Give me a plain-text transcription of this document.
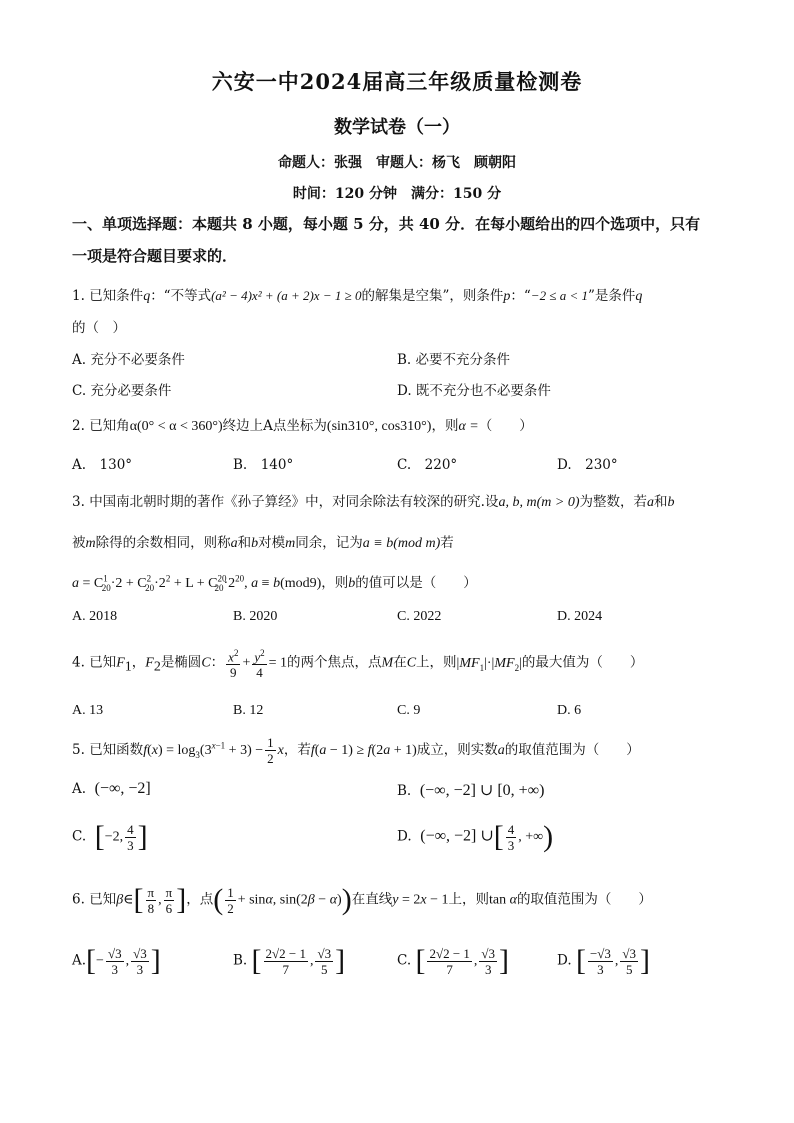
六安一中2024届高三年级质量检测卷
数学试卷（一）
命题人：张强　审题人：杨飞　顾朝阳
时间：120 分钟　满分：150 分
一、单项选择题：本题共 8 小题，每小题 5 分，共 40 分．在每小题给出的四个选项中，只有
一项是符合题目要求的．
1. 已知条件q：“不等式(a² − 4)x² + (a + 2)x − 1 ≥ 0的解集是空集”，则条件p：“−2 ≤ a < 1”是条件q
的（　）
A. 充分不必要条件	B. 必要不充分条件
C. 充分必要条件	D. 既不充分也不必要条件
2. 已知角α(0° < α < 360°)终边上A点坐标为(sin310°, cos310°)，则α =（　　）
A.　130°	B.　140°	C.　220°	D.　230°
3. 中国南北朝时期的著作《孙子算经》中，对同余除法有较深的研究.设a, b, m(m > 0)为整数，若a和b
被m除得的余数相同，则称a和b对模m同余，记为a ≡ b(mod m)若
$a = C^1_{20}\cdot 2 + C^2_{20}\cdot 2^2 + L + C^{20}_{20}\cdot 2^{20}$, a ≡ b(mod9)，则b的值可以是（　　）
A. 2018	B. 2020	C. 2022	D. 2024
4. 已知$F_1$，$F_2$是椭圆C： $\frac{x^2}{9} + \frac{y^2}{4} = 1$的两个焦点，点M在C上，则$|MF_1|\cdot|MF_2|$的最大值为（　　）
A. 13	B. 12	C. 9	D. 6
5. 已知函数$f(x) = \log_3(3^{x-1} + 3) - \frac{1}{2}$ x，若f(a − 1) ≥ f(2a + 1)成立，则实数a的取值范围为（　　）
A. (−∞, −2]	B. (−∞, −2] ∪ [0, +∞)
C. [−2, $\frac{4}{3}$ ]	D. (−∞, −2] ∪[ $\frac{4}{3}$ , +∞)
6. 已知β∈[ $\frac{\pi}{8}$ , $\frac{\pi}{6}$ ]，点( $\frac{1}{2} + \sin\alpha$, sin(2β − α))在直线y = 2x − 1上，则tan α的取值范围为（　　）
$A.[- \frac{√3}{3}$ , $\frac{√3}{3}$ ]	B. [ $\frac{2√2 - 1}{7}$ , $\frac{√3}{5}$ ]	C. [ $\frac{2√2 - 1}{7}$ , $\frac{√3}{3}$ ]	D. [ $\frac{-√3}{3}$ , $\frac{√3}{5}$ ]
